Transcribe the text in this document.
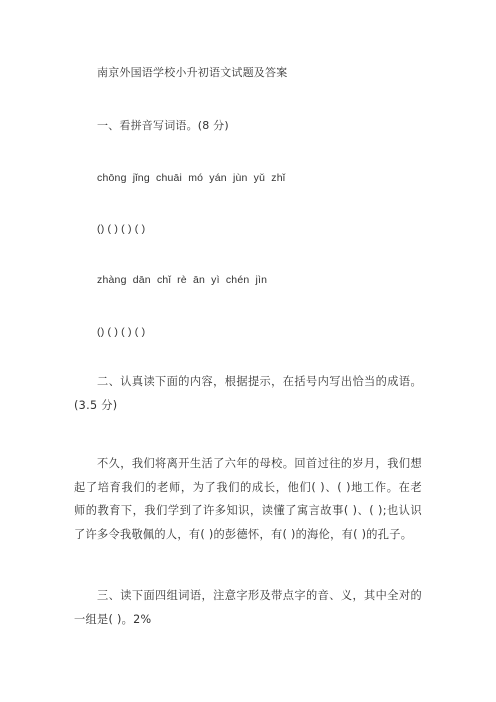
南京外国语学校小升初语文试题及答案
一、看拼音写词语。(8 分)
chōng jǐng chuāi mó yán jùn yǔ zhǐ
() ( ) ( ) ( )
zhàng dān chǐ rè ān yì chén jìn
() ( ) ( ) ( )
二、认真读下面的内容，根据提示，在括号内写出恰当的成语。(3.5 分)
不久，我们将离开生活了六年的母校。回首过往的岁月，我们想起了培育我们的老师，为了我们的成长，他们( )、( )地工作。在老师的教育下，我们学到了许多知识，读懂了寓言故事( )、( );也认识了许多令我敬佩的人，有( )的彭德怀，有( )的海伦，有( )的孔子。
三、读下面四组词语，注意字形及带点字的音、义，其中全对的一组是( )。2%
